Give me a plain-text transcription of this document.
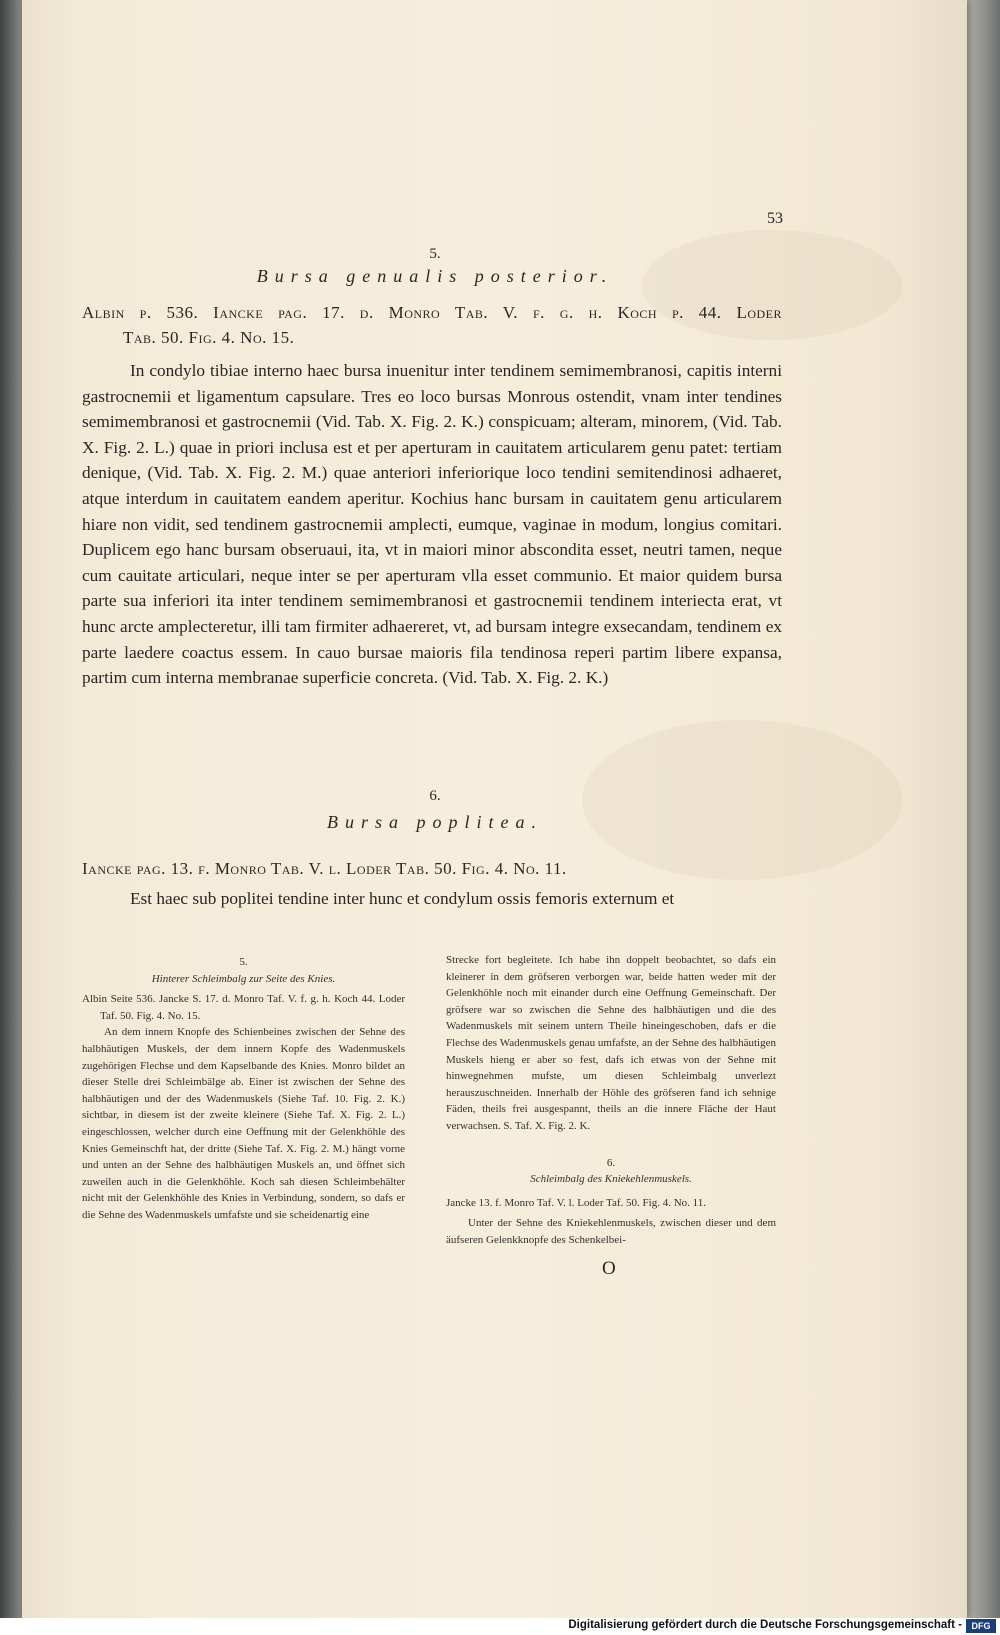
53
5.
Bursa genualis posterior.
Albin p. 536. Iancke pag. 17. d. Monro Tab. V. f. g. h. Koch p. 44. Loder
Tab. 50. Fig. 4. No. 15.
In condylo tibiae interno haec bursa inuenitur inter tendinem semimembranosi, capitis interni gastrocnemii et ligamentum capsulare. Tres eo loco bursas Monrous ostendit, vnam inter tendines semimembranosi et gastrocnemii (Vid. Tab. X. Fig. 2. K.) conspicuam; alteram, minorem, (Vid. Tab. X. Fig. 2. L.) quae in priori inclusa est et per aperturam in cauitatem articularem genu patet: tertiam denique, (Vid. Tab. X. Fig. 2. M.) quae anteriori inferiorique loco tendini semitendinosi adhaeret, atque interdum in cauitatem eandem aperitur. Kochius hanc bursam in cauitatem genu articularem hiare non vidit, sed tendinem gastrocnemii amplecti, eumque, vaginae in modum, longius comitari. Duplicem ego hanc bursam obseruaui, ita, vt in maiori minor abscondita esset, neutri tamen, neque cum cauitate articulari, neque inter se per aperturam vlla esset communio. Et maior quidem bursa parte sua inferiori ita inter tendinem semimembranosi et gastrocnemii tendinem interiecta erat, vt hunc arcte amplecteretur, illi tam firmiter adhaereret, vt, ad bursam integre exsecandam, tendinem ex parte laedere coactus essem. In cauo bursae maioris fila tendinosa reperi partim libere expansa, partim cum interna membranae superficie concreta. (Vid. Tab. X. Fig. 2. K.)
6.
Bursa poplitea.
Iancke pag. 13. f. Monro Tab. V. l. Loder Tab. 50. Fig. 4. No. 11.
Est haec sub poplitei tendine inter hunc et condylum ossis femoris externum et
5.
Hinterer Schleimbalg zur Seite des Knies.
Albin Seite 536. Jancke S. 17. d. Monro Taf. V. f. g. h. Koch 44. Loder Taf. 50. Fig. 4. No. 15.
An dem innern Knopfe des Schienbeines zwischen der Sehne des halbhäutigen Muskels, der dem innern Kopfe des Wadenmuskels zugehörigen Flechse und dem Kapselbande des Knies. Monro bildet an dieser Stelle drei Schleimbälge ab. Einer ist zwischen der Sehne des halbhäutigen und der des Wadenmuskels (Siehe Taf. 10. Fig. 2. K.) sichtbar, in diesem ist der zweite kleinere (Siehe Taf. X. Fig. 2. L.) eingeschlossen, welcher durch eine Oeffnung mit der Gelenkhöhle des Knies Gemeinschft hat, der dritte (Siehe Taf. X. Fig. 2. M.) hängt vorne und unten an der Sehne des halbhäutigen Muskels an, und öffnet sich zuweilen auch in die Gelenkhöhle. Koch sah diesen Schleimbehälter nicht mit der Gelenkhöhle des Knies in Verbindung, sondern, so dafs er die Sehne des Wadenmuskels umfafste und sie scheidenartig eine
Strecke fort begleitete. Ich habe ihn doppelt beobachtet, so dafs ein kleinerer in dem gröfseren verborgen war, beide hatten weder mit der Gelenkhöhle noch mit einander durch eine Oeffnung Gemeinschaft. Der gröfsere war so zwischen die Sehne des halbhäutigen und die des Wadenmuskels mit seinem untern Theile hineingeschoben, dafs er die Flechse des Wadenmuskels genau umfafste, an der Sehne des halbhäutigen Muskels hieng er aber so fest, dafs ich etwas von der Sehne mit hinwegnehmen mufste, um diesen Schleimbalg unverlezt herauszuschneiden. Innerhalb der Höhle des gröfseren fand ich sehnige Fäden, theils frei ausgespannt, theils an die innere Fläche der Haut verwachsen. S. Taf. X. Fig. 2. K.
6.
Schleimbalg des Kniekehlenmuskels.
Jancke 13. f. Monro Taf. V. l. Loder Taf. 50. Fig. 4. No. 11.
Unter der Sehne des Kniekehlenmuskels, zwischen dieser und dem äufseren Gelenkknopfe des Schenkelbei-
O
Digitalisierung gefördert durch die Deutsche Forschungsgemeinschaft -	DFG
